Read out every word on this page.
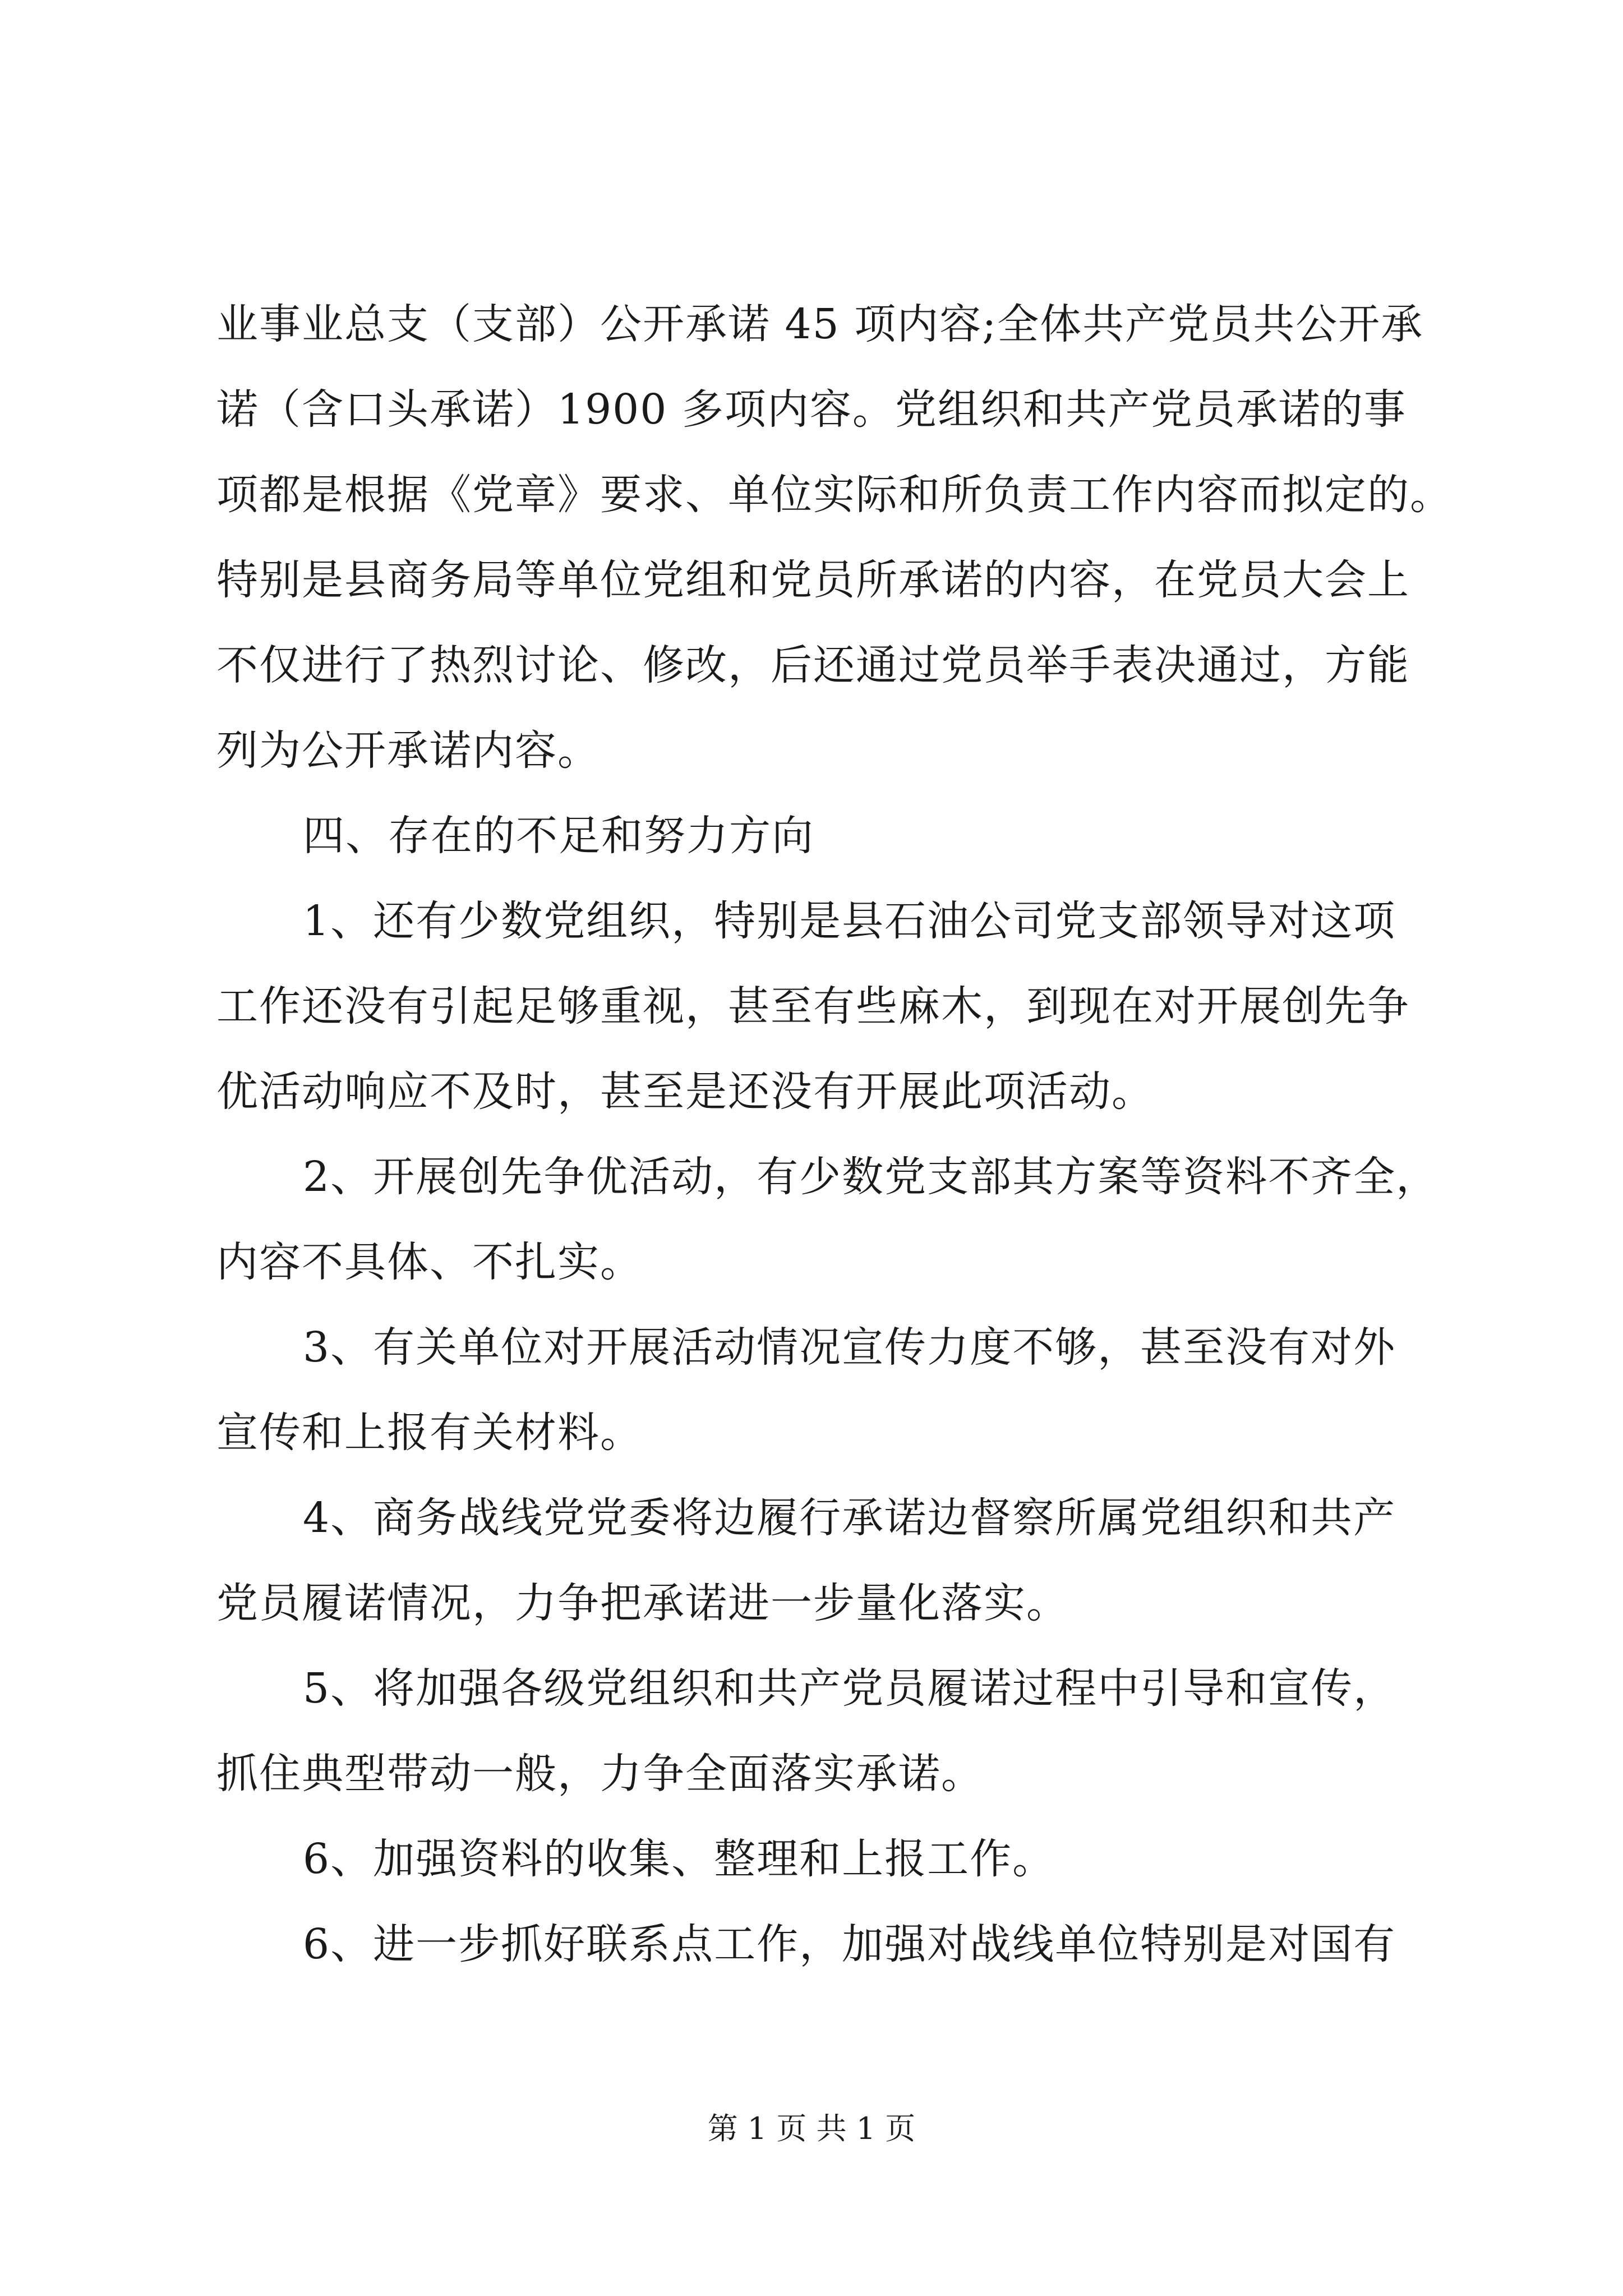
业事业总支（支部）公开承诺 45 项内容;全体共产党员共公开承
诺（含口头承诺）1900 多项内容。党组织和共产党员承诺的事
项都是根据《党章》要求、单位实际和所负责工作内容而拟定的。
特别是县商务局等单位党组和党员所承诺的内容，在党员大会上
不仅进行了热烈讨论、修改，后还通过党员举手表决通过，方能
列为公开承诺内容。
四、存在的不足和努力方向
1、还有少数党组织，特别是县石油公司党支部领导对这项
工作还没有引起足够重视，甚至有些麻木，到现在对开展创先争
优活动响应不及时，甚至是还没有开展此项活动。
2、开展创先争优活动，有少数党支部其方案等资料不齐全，
内容不具体、不扎实。
3、有关单位对开展活动情况宣传力度不够，甚至没有对外
宣传和上报有关材料。
4、商务战线党党委将边履行承诺边督察所属党组织和共产
党员履诺情况，力争把承诺进一步量化落实。
5、将加强各级党组织和共产党员履诺过程中引导和宣传，
抓住典型带动一般，力争全面落实承诺。
6、加强资料的收集、整理和上报工作。
6、进一步抓好联系点工作，加强对战线单位特别是对国有
第 1 页 共 1 页
